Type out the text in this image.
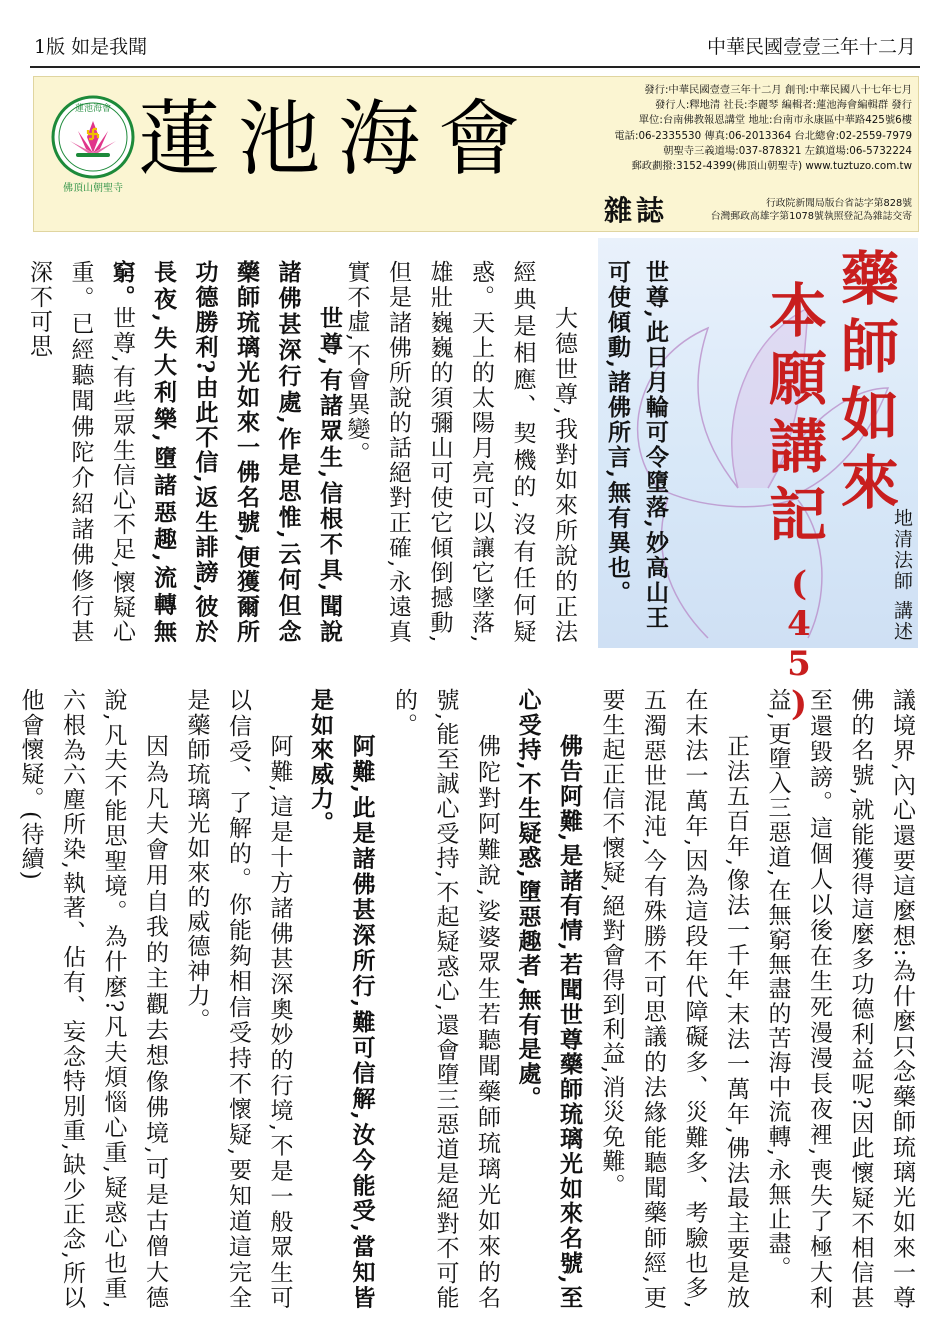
1版 如是我聞	中華民國壹壹三年十二月
蓮池海會
佛頂山朝聖寺
蓮池海會
雜誌
發行:中華民國壹壹三年十二月 創刊:中華民國八十七年七月
發行人:釋地清 社長:李麗琴 編輯者:蓮池海會編輯群 發行
單位:台南佛教報恩講堂 地址:台南市永康區中華路425號6樓
電話:06-2335530 傳真:06-2013364 台北總會:02-2559-7979
朝聖寺三義道場:037-878321 左鎮道場:06-5732224
郵政劃撥:3152-4399(佛頂山朝聖寺) www.tuztuzo.com.tw
行政院新聞局版台省誌字第828號
台灣郵政高雄字第1078號執照登記為雜誌交寄
藥師如來
本願講記
(45)	地清法師 講述
世尊,此日月輪可令墮落,妙高山王可使傾動,諸佛所言,無有異也。

大德世尊,我對如來所說的正法經典是相應、契機的,沒有任何疑惑。天上的太陽月亮可以讓它墜落,雄壯巍巍的須彌山可使它傾倒撼動,但是諸佛所說的話絕對正確,永遠真實不虛,不會異變。

世尊,有諸眾生,信根不具,聞說諸佛甚深行處,作是思惟,云何但念藥師琉璃光如來一佛名號,便獲爾所功德勝利?由此不信,返生誹謗,彼於長夜,失大利樂,墮諸惡趣,流轉無窮。

世尊,有些眾生信心不足,懷疑心重。已經聽聞佛陀介紹諸佛修行甚深不可思

議境界,內心還要這麼想:為什麼只念藥師琉璃光如來一尊佛的名號,就能獲得這麼多功德利益呢?因此懷疑不相信甚至還毀謗。這個人以後在生死漫漫長夜裡,喪失了極大利益,更墮入三惡道,在無窮無盡的苦海中流轉,永無止盡。

正法五百年,像法一千年,末法一萬年,佛法最主要是放在末法一萬年,因為這段年代障礙多、災難多、考驗也多,五濁惡世混沌,今有殊勝不可思議的法緣能聽聞藥師經,更要生起正信不懷疑,絕對會得到利益,消災免難。

佛告阿難,是諸有情,若聞世尊藥師琉璃光如來名號,至心受持,不生疑惑,墮惡趣者,無有是處。

佛陀對阿難說,娑婆眾生若聽聞藥師琉璃光如來的名號,能至誠心受持,不起疑惑心,還會墮三惡道是絕對不可能的。

阿難,此是諸佛甚深所行,難可信解,汝今能受,當知皆是如來威力。

阿難,這是十方諸佛甚深奧妙的行境,不是一般眾生可以信受、了解的。你能夠相信受持不懷疑,要知道這完全是藥師琉璃光如來的威德神力。

因為凡夫會用自我的主觀去想像佛境,可是古僧大德說,凡夫不能思聖境。為什麼?凡夫煩惱心重,疑惑心也重,六根為六塵所染,執著、佔有、妄念特別重,缺少正念,所以他會懷疑。(待續)
